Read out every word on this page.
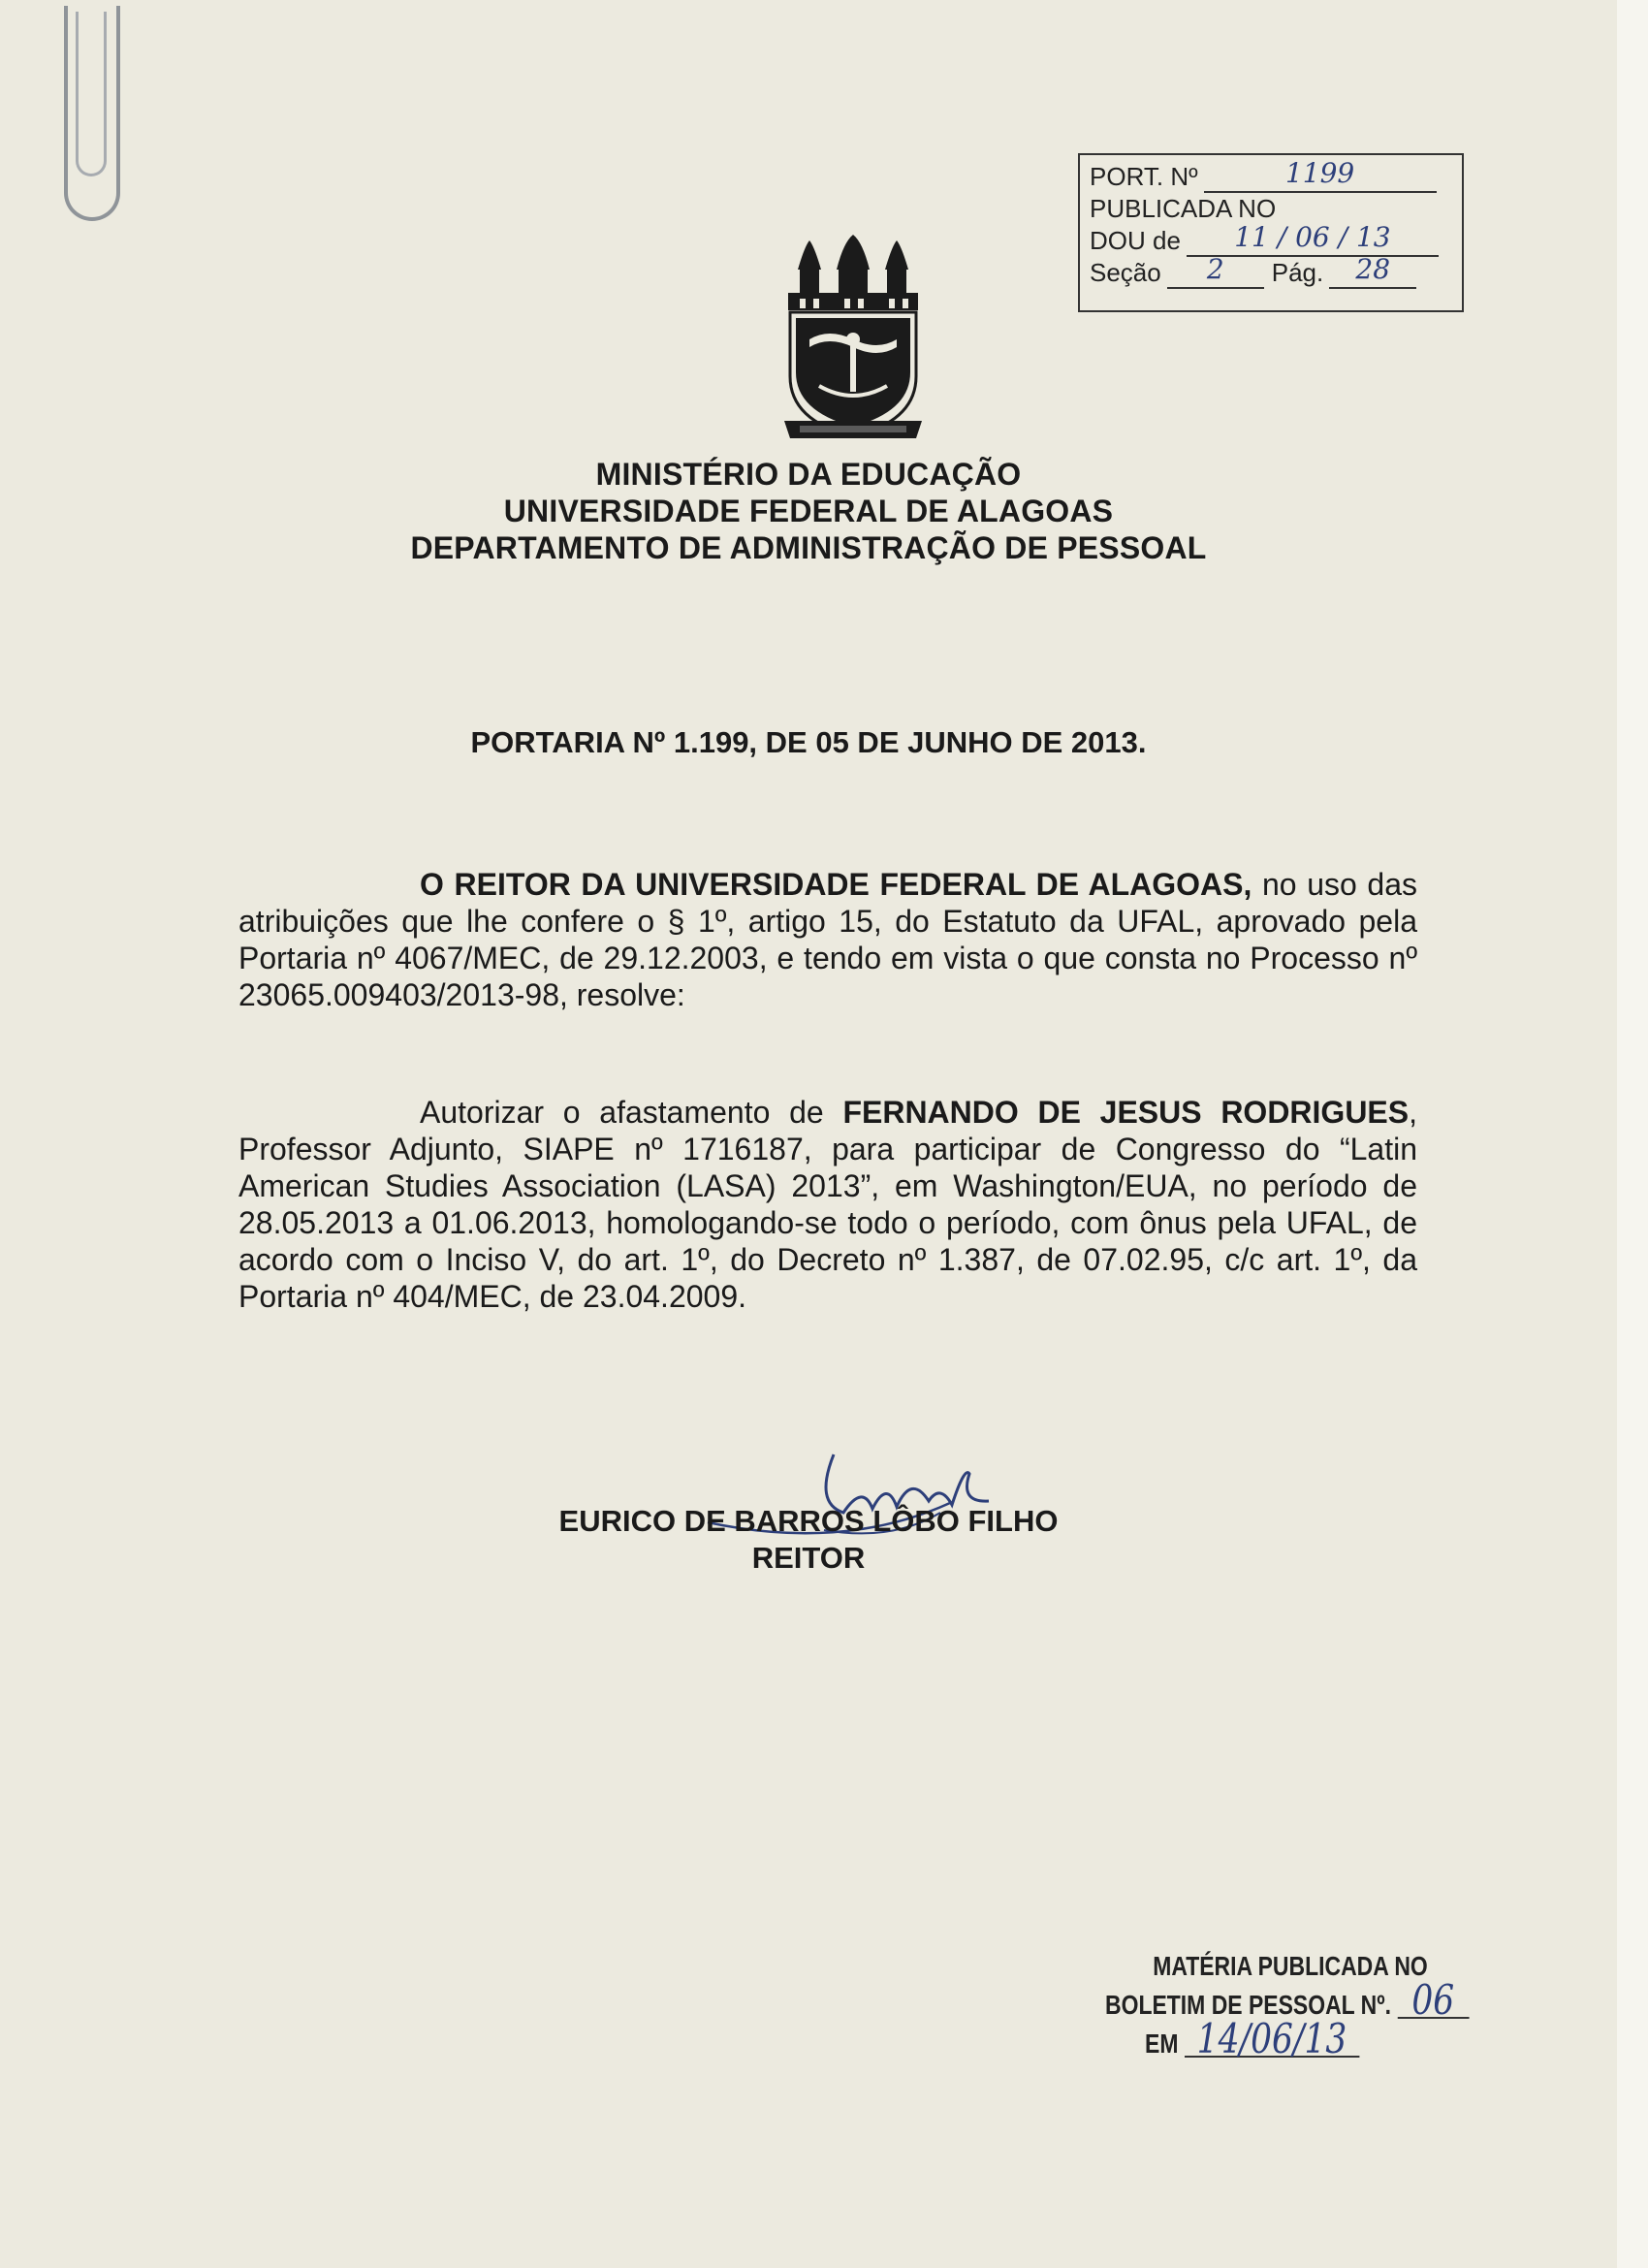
PORT. Nº	1199
PUBLICADA NO
DOU de	11 / 06 / 13
Seção	2	Pág.	28
MINISTÉRIO DA EDUCAÇÃO
UNIVERSIDADE FEDERAL DE ALAGOAS
DEPARTAMENTO DE ADMINISTRAÇÃO DE PESSOAL
PORTARIA Nº 1.199, DE 05 DE JUNHO DE 2013.
O REITOR DA UNIVERSIDADE FEDERAL DE ALAGOAS, no uso das atribuições que lhe confere o § 1º, artigo 15, do Estatuto da UFAL, aprovado pela Portaria nº 4067/MEC, de 29.12.2003, e tendo em vista o que consta no Processo nº 23065.009403/2013-98, resolve:
Autorizar o afastamento de FERNANDO DE JESUS RODRIGUES, Professor Adjunto, SIAPE nº 1716187, para participar de Congresso do “Latin American Studies Association (LASA) 2013”, em Washington/EUA, no período de 28.05.2013 a 01.06.2013, homologando-se todo o período, com ônus pela UFAL, de acordo com o Inciso V, do art. 1º, do Decreto nº 1.387, de 07.02.95, c/c art. 1º, da Portaria nº 404/MEC, de 23.04.2009.
EURICO DE BARROS LÔBO FILHO
REITOR
MATÉRIA PUBLICADA NO
BOLETIM DE PESSOAL Nº. 06
EM 14/06/13
